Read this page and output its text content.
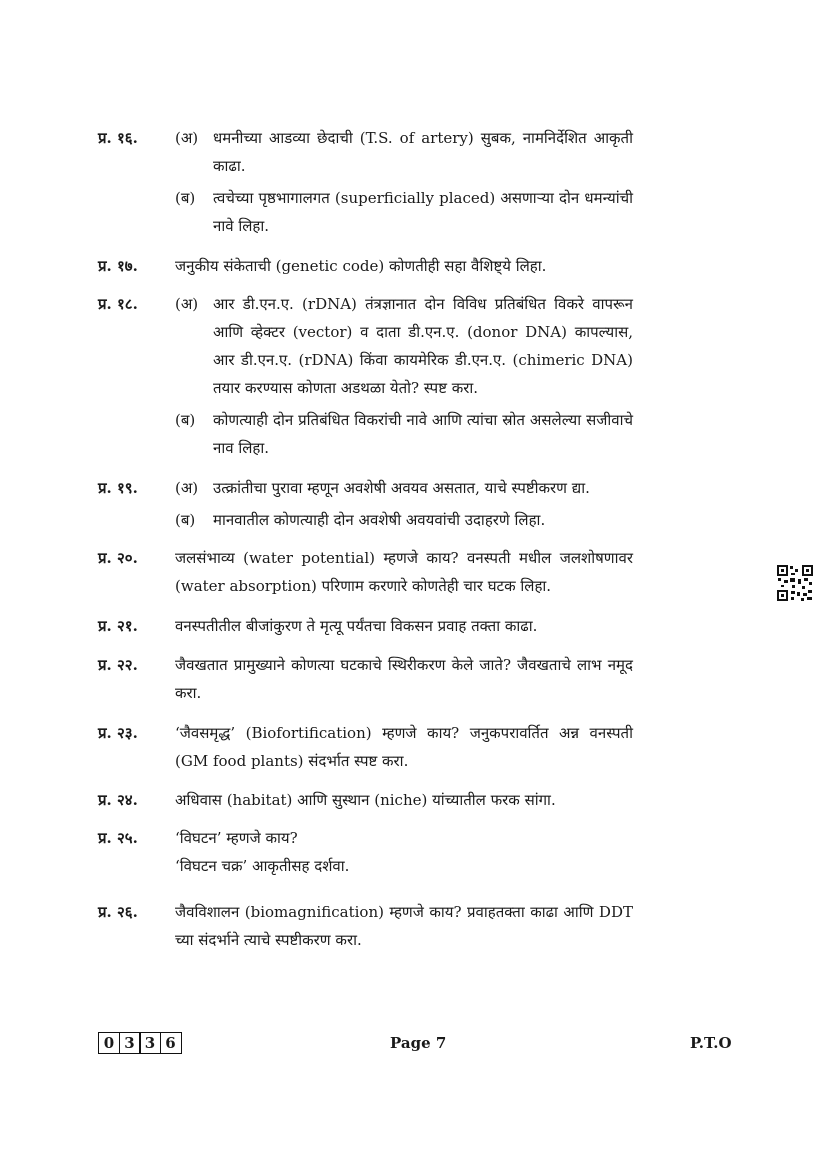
प्र. १६. (अ) धमनीच्या आडव्या छेदाची (T.S. of artery) सुबक, नामनिर्देशित आकृती काढा.
(ब) त्वचेच्या पृष्ठभागालगत (superficially placed) असणाऱ्या दोन धमन्यांची नावे लिहा.
प्र. १७. जनुकीय संकेताची (genetic code) कोणतीही सहा वैशिष्ट्ये लिहा.
प्र. १८. (अ) आर डी.एन.ए. (rDNA) तंत्रज्ञानात दोन विविध प्रतिबंधित विकरे वापरून आणि व्हेक्टर (vector) व दाता डी.एन.ए. (donor DNA) कापल्यास, आर डी.एन.ए. (rDNA) किंवा कायमेरिक डी.एन.ए. (chimeric DNA) तयार करण्यास कोणता अडथळा येतो? स्पष्ट करा.
(ब) कोणत्याही दोन प्रतिबंधित विकरांची नावे आणि त्यांचा स्रोत असलेल्या सजीवाचे नाव लिहा.
प्र. १९. (अ) उत्क्रांतीचा पुरावा म्हणून अवशेषी अवयव असतात, याचे स्पष्टीकरण द्या.
(ब) मानवातील कोणत्याही दोन अवशेषी अवयवांची उदाहरणे लिहा.
प्र. २०. जलसंभाव्य (water potential) म्हणजे काय? वनस्पती मधील जलशोषणावर (water absorption) परिणाम करणारे कोणतेही चार घटक लिहा.
प्र. २१. वनस्पतीतील बीजांकुरण ते मृत्यू पर्यंतचा विकसन प्रवाह तक्ता काढा.
प्र. २२. जैवखतात प्रामुख्याने कोणत्या घटकाचे स्थिरीकरण केले जाते? जैवखताचे लाभ नमूद करा.
प्र. २३. ‘जैवसमृद्ध’ (Biofortification) म्हणजे काय? जनुकपरावर्तित अन्न वनस्पती (GM food plants) संदर्भात स्पष्ट करा.
प्र. २४. अधिवास (habitat) आणि सुस्थान (niche) यांच्यातील फरक सांगा.
प्र. २५. ‘विघटन’ म्हणजे काय?
‘विघटन चक्र’ आकृतीसह दर्शवा.
प्र. २६. जैवविशालन (biomagnification) म्हणजे काय? प्रवाहतक्ता काढा आणि DDT च्या संदर्भाने त्याचे स्पष्टीकरण करा.
0 3 3 6	Page 7	P.T.O
